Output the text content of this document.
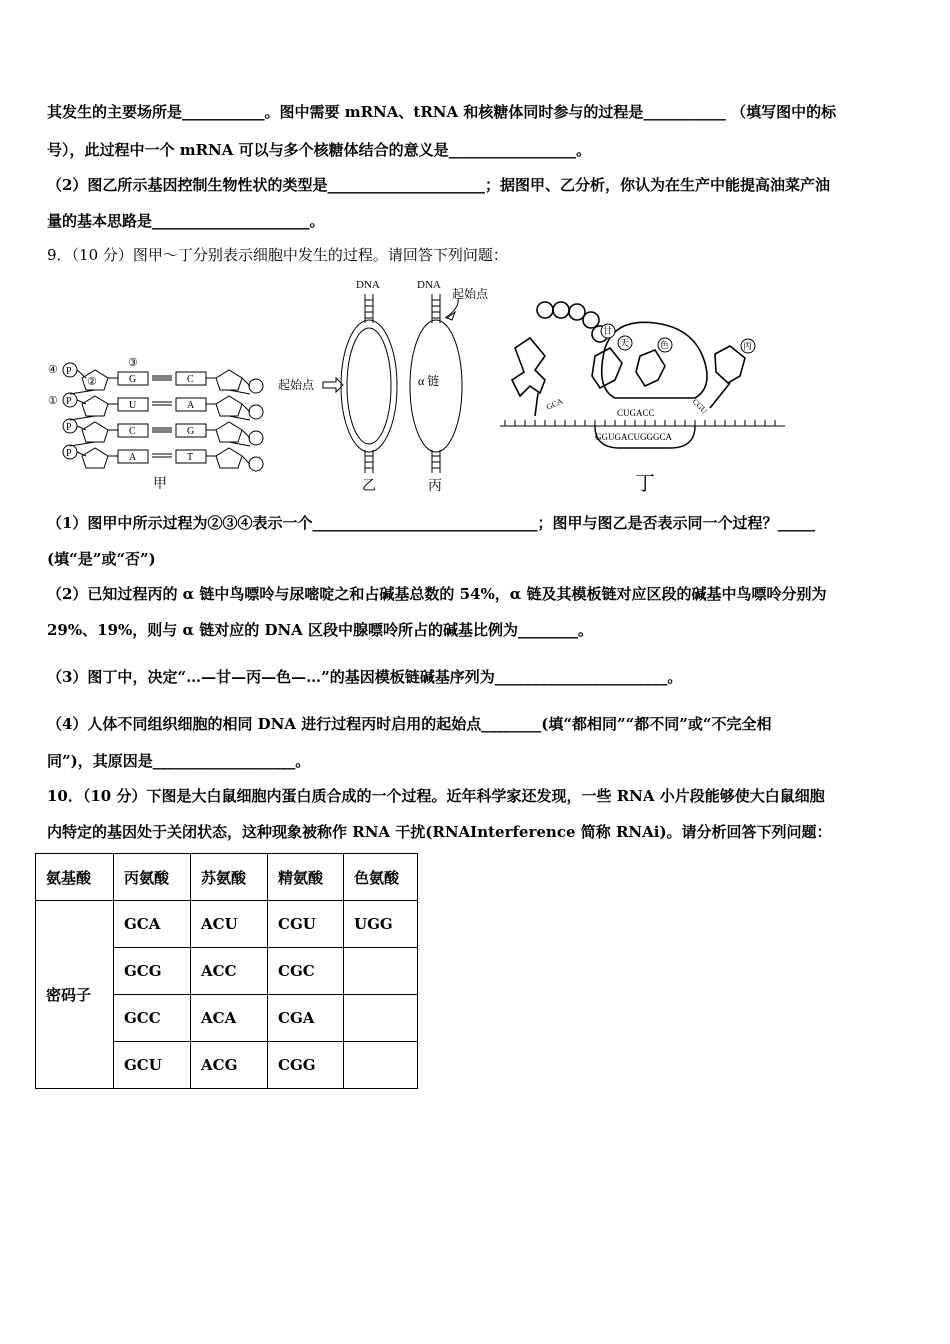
其发生的主要场所是___________。图中需要 mRNA、tRNA 和核糖体同时参与的过程是___________ （填写图中的标
号），此过程中一个 mRNA 可以与多个核糖体结合的意义是_________________。
（2）图乙所示基因控制生物性状的类型是_____________________；据图甲、乙分析，你认为在生产中能提高油菜产油
量的基本思路是_____________________。
9．（10 分）图甲～丁分别表示细胞中发生的过程。请回答下列问题：
④
①
③
②
P
P
P
P
G
U
C
A
C
A
G
T
甲
DNA
起始点
乙
DNA
起始点
α 链
丙
甘
天	色	丙
GCA
CUGACC	CGU
GGUGACUGGGCA
丁
（1）图甲中所示过程为②③④表示一个______________________________；图甲与图乙是否表示同一个过程？_____
(填“是”或“否”)
（2）已知过程丙的 α 链中鸟嘌呤与尿嘧啶之和占碱基总数的 54%，α 链及其模板链对应区段的碱基中鸟嘌呤分别为
29%、19%，则与 α 链对应的 DNA 区段中腺嘌呤所占的碱基比例为________。
（3）图丁中，决定“…—甘—丙—色—…”的基因模板链碱基序列为_______________________。
（4）人体不同组织细胞的相同 DNA 进行过程丙时启用的起始点________(填“都相同”“都不同”或“不完全相
同”)，其原因是___________________。
10．（10 分）下图是大白鼠细胞内蛋白质合成的一个过程。近年科学家还发现，一些 RNA 小片段能够使大白鼠细胞
内特定的基因处于关闭状态，这种现象被称作 RNA 干扰(RNAInterference 简称 RNAi)。请分析回答下列问题：
氨基酸	丙氨酸	苏氨酸	精氨酸	色氨酸
密码子	GCA	ACU	CGU	UGG
	GCG	ACC	CGC	
	GCC	ACA	CGA	
	GCU	ACG	CGG	
